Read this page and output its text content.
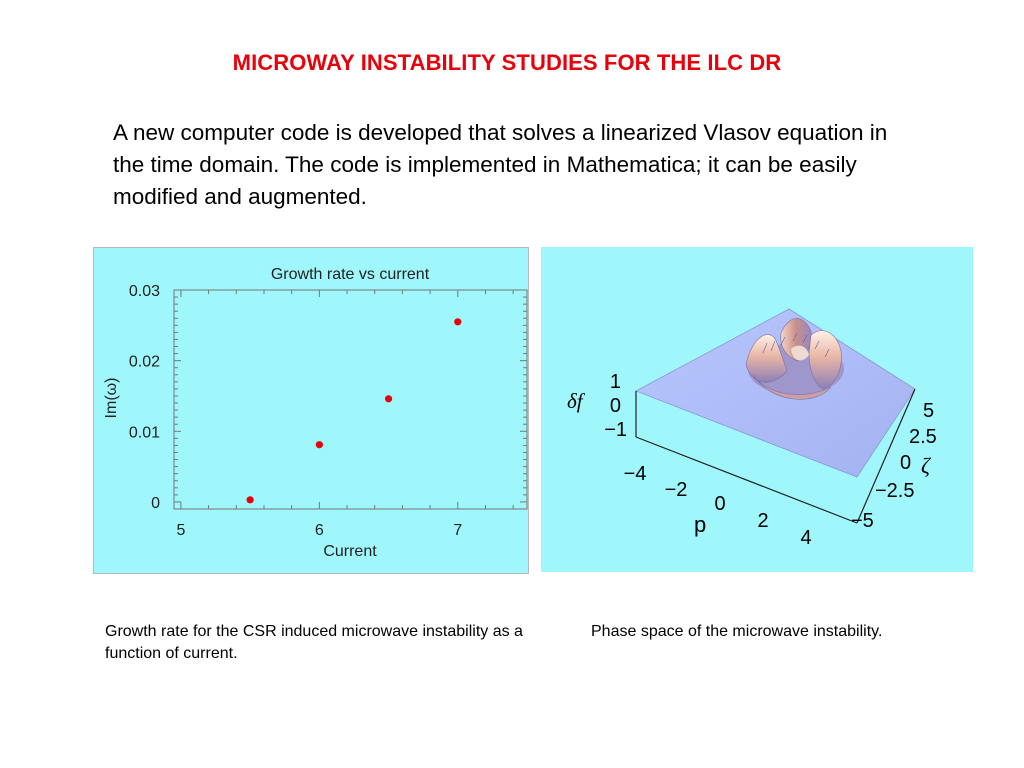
MICROWAY INSTABILITY STUDIES FOR THE ILC DR
A new computer code is developed that solves a linearized Vlasov equation in the time domain. The code is implemented in Mathematica; it can be easily modified and augmented.
Growth rate vs current
5	6	7
0
0.01
0.02
0.03
Current
Im(ω)	δf
1
0
−1
−4
−2
0
2
4
p
5
2.5
0
−2.5
−5
ζ
Growth rate for the CSR induced microwave instability as a function of current.
Phase space of the microwave instability.
